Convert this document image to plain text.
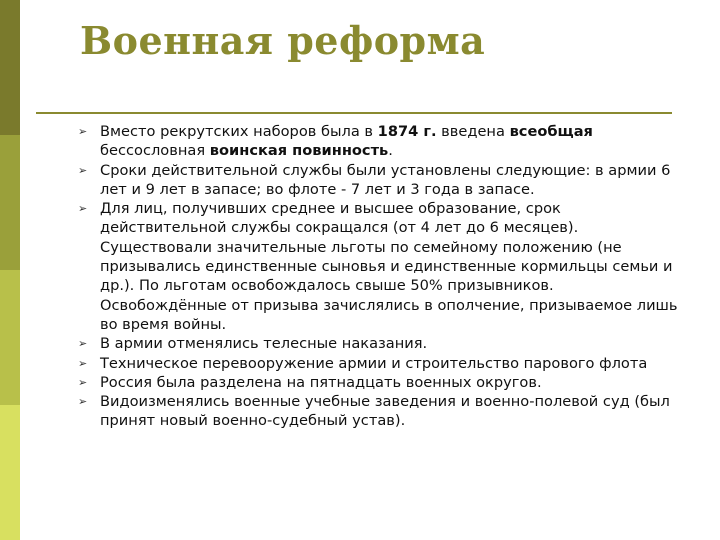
Военная реформа
➢ Вместо рекрутских наборов была в 1874 г. введена всеобщая бессословная воинская повинность.
➢ Сроки действительной службы были установлены следующие: в армии 6 лет и 9 лет в запасе; во флоте - 7 лет и 3 года в запасе.
➢ Для лиц, получивших среднее и высшее образование, срок действительной службы сокращался (от 4 лет до 6 месяцев). Существовали значительные льготы по семейному положению (не призывались единственные сыновья и единственные кормильцы семьи и др.). По льготам освобождалось свыше 50% призывников. Освобождённые от призыва зачислялись в ополчение, призываемое лишь во время войны.
➢ В армии отменялись телесные наказания.
➢ Техническое перевооружение армии и строительство парового флота
➢ Россия была разделена на пятнадцать военных округов.
➢ Видоизменялись военные учебные заведения и военно-полевой суд (был принят новый военно-судебный устав).
